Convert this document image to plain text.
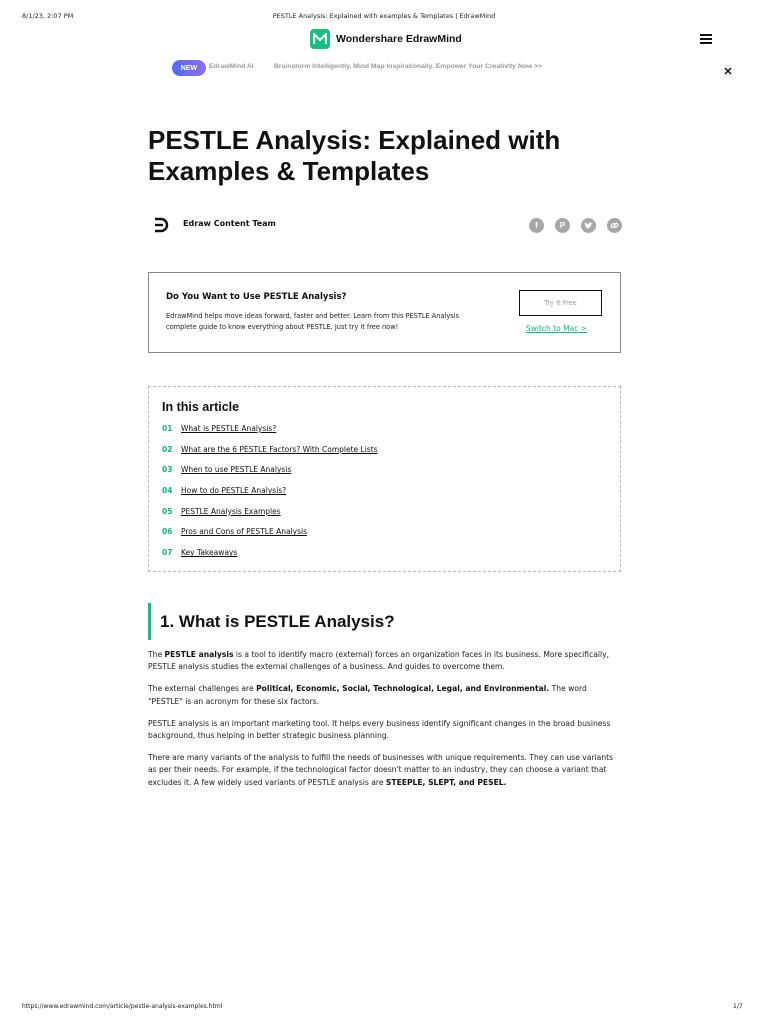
8/1/23, 2:07 PM	PESTLE Analysis: Explained with examples & Templates | EdrawMind
Wondershare EdrawMind
NEW	EdrawMind AI	Brainstorm Intelligently, Mind Map Inspirationally. Empower Your Creativity Now >>
PESTLE Analysis: Explained with Examples & Templates
Edraw Content Team	f	P
Do You Want to Use PESTLE Analysis?
EdrawMind helps move ideas forward, faster and better. Learn from this PESTLE Analysis complete guide to know everything about PESTLE. Just try it free now!
Try It Free
Switch to Mac >
In this article
01	What is PESTLE Analysis?
02	What are the 6 PESTLE Factors? With Complete Lists
03	When to use PESTLE Analysis
04	How to do PESTLE Analysis?
05	PESTLE Analysis Examples
06	Pros and Cons of PESTLE Analysis
07	Key Takeaways
1. What is PESTLE Analysis?

The PESTLE analysis is a tool to identify macro (external) forces an organization faces in its business. More specifically, PESTLE analysis studies the external challenges of a business. And guides to overcome them.

The external challenges are Political, Economic, Social, Technological, Legal, and Environmental. The word "PESTLE" is an acronym for these six factors.

PESTLE analysis is an important marketing tool. It helps every business identify significant changes in the broad business background, thus helping in better strategic business planning.

There are many variants of the analysis to fulfill the needs of businesses with unique requirements. They can use variants as per their needs. For example, if the technological factor doesn't matter to an industry, they can choose a variant that excludes it. A few widely used variants of PESTLE analysis are STEEPLE, SLEPT, and PESEL.

https://www.edrawmind.com/article/pestle-analysis-examples.html	1/7
